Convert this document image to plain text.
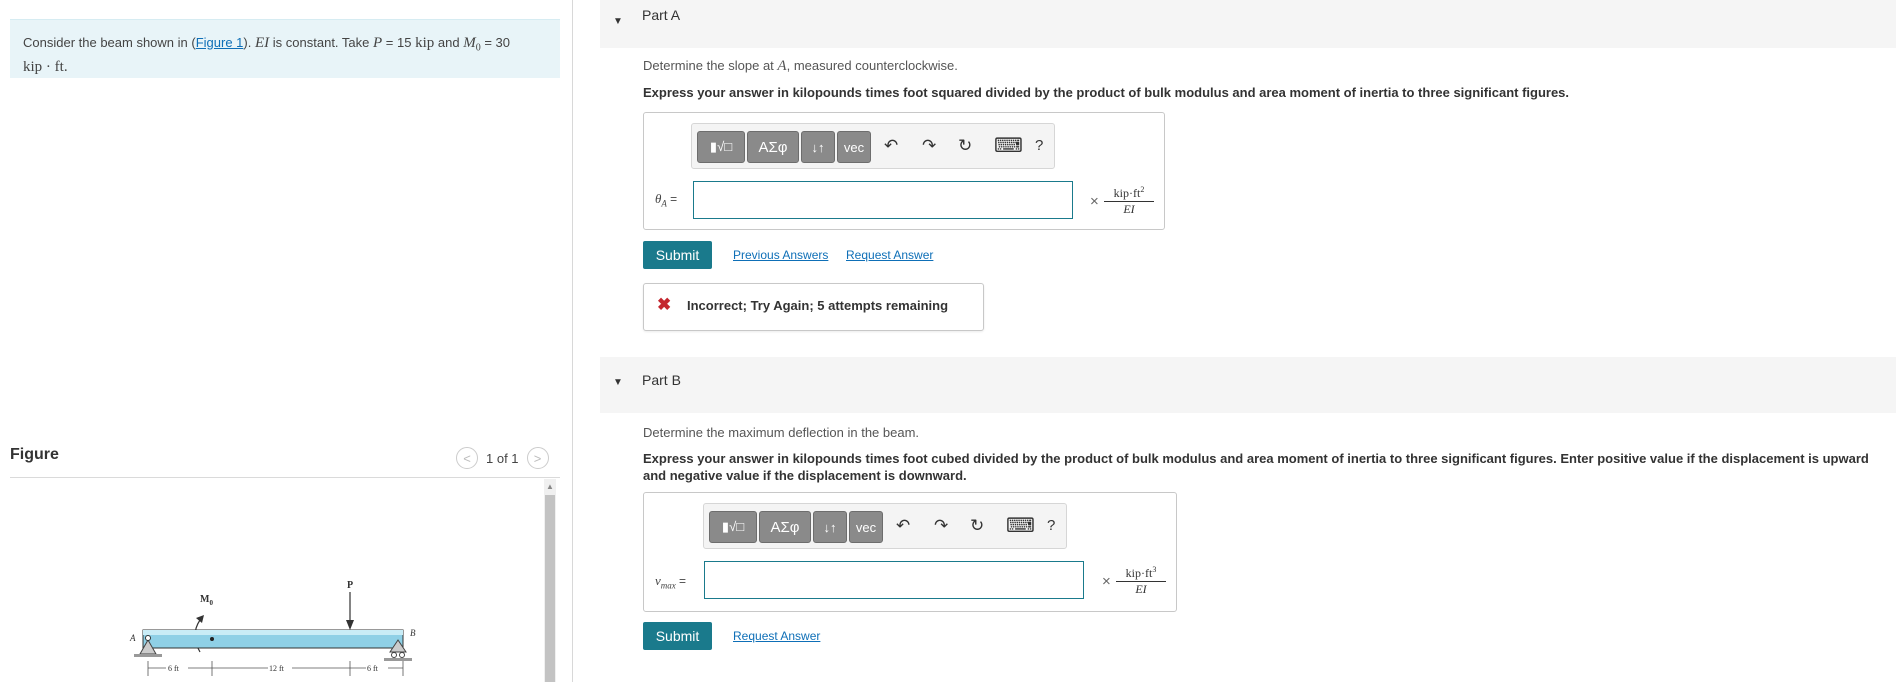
Consider the beam shown in (Figure 1). EI is constant. Take P = 15 kip and $M_0 = 30$
kip · ft.
Figure	<	1 of 1	>
P
$M_0$
A	B
6 ft	12 ft	6 ft
▲
▼ Part A
Determine the slope at A, measured counterclockwise.
Express your answer in kilopounds times foot squared divided by the product of bulk modulus and area moment of inertia to three significant figures.
▮√□	ΑΣφ	↓↑	vec	↶ ↷ ↻ ⌨ ?
$\theta_A$ =	×	$kip\cdot ft^2$
EI
Submit	Previous Answers Request Answer
✖ Incorrect; Try Again; 5 attempts remaining
▼ Part B
Determine the maximum deflection in the beam.
Express your answer in kilopounds times foot cubed divided by the product of bulk modulus and area moment of inertia to three significant figures. Enter positive value if the displacement is upward and negative value if the displacement is downward.
▮√□	ΑΣφ	↓↑	vec	↶ ↷ ↻ ⌨ ?
$v_{max}$ =	×	$kip\cdot ft^3$
EI
Submit	Request Answer
